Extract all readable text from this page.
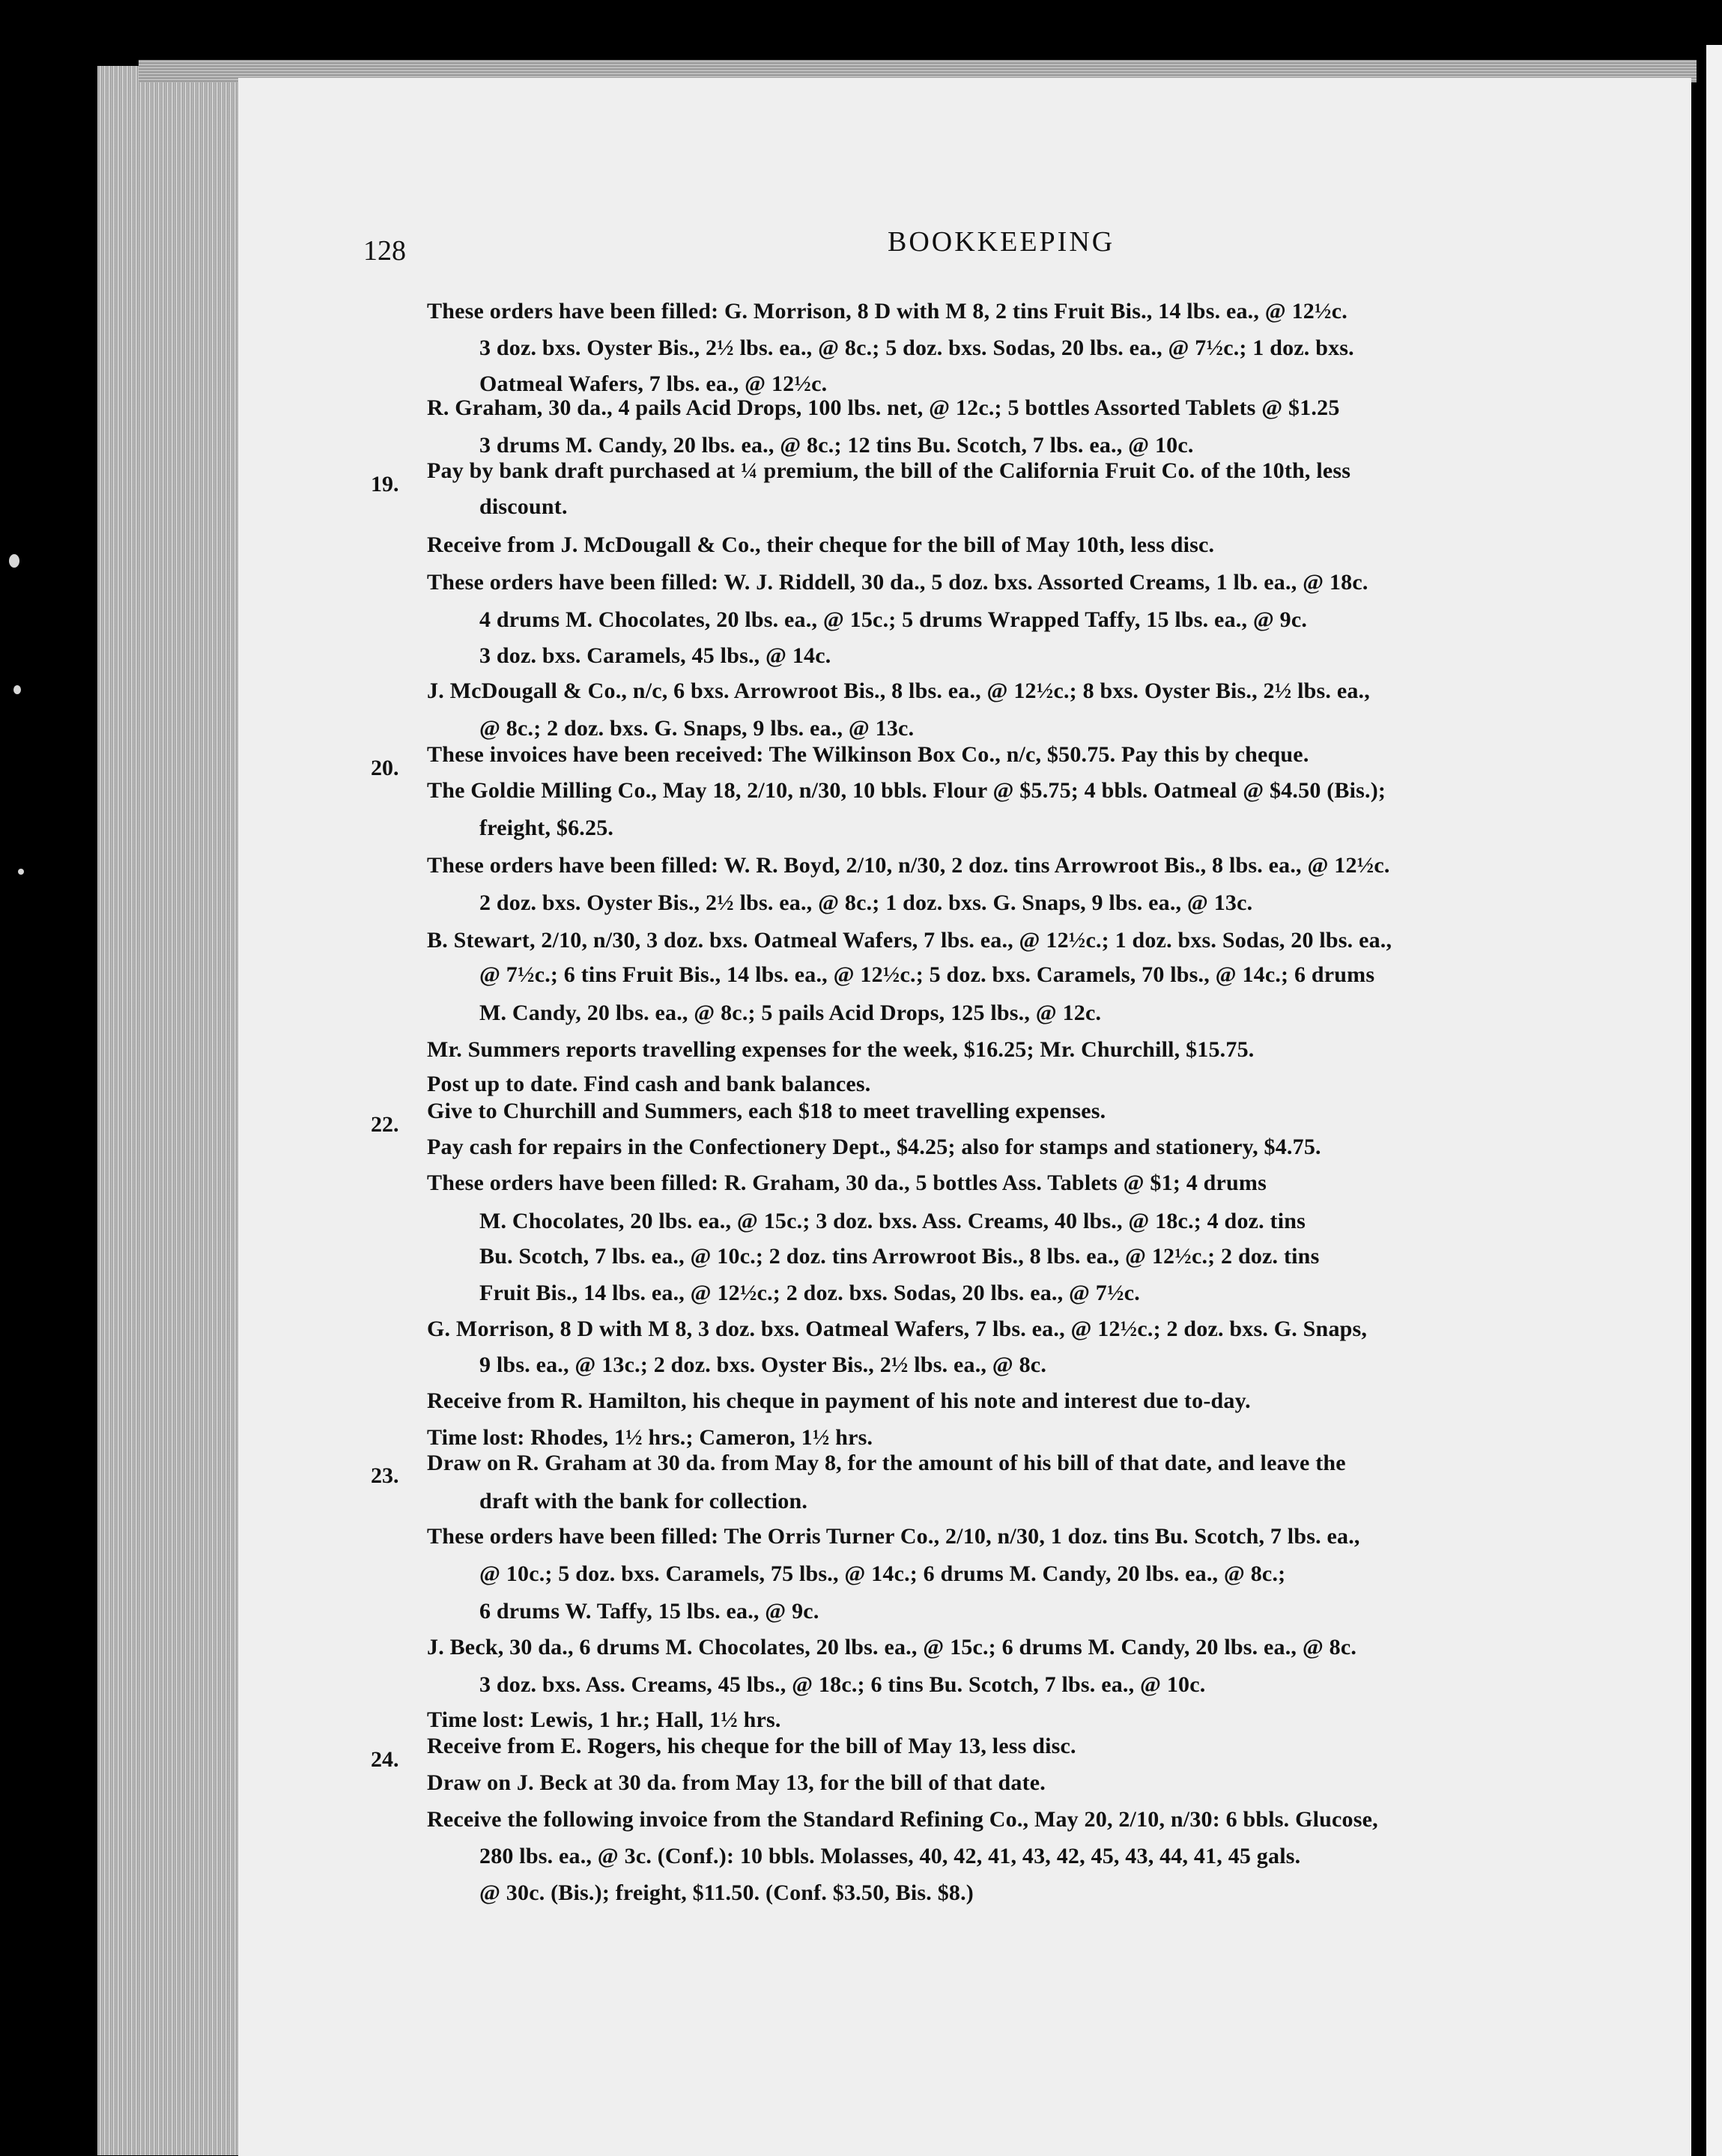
128	BOOKKEEPING
These orders have been filled: G. Morrison, 8 D with M 8, 2 tins Fruit Bis., 14 lbs. ea., @ 12½c.
3 doz. bxs. Oyster Bis., 2½ lbs. ea., @ 8c.; 5 doz. bxs. Sodas, 20 lbs. ea., @ 7½c.; 1 doz. bxs.
Oatmeal Wafers, 7 lbs. ea., @ 12½c.
R. Graham, 30 da., 4 pails Acid Drops, 100 lbs. net, @ 12c.; 5 bottles Assorted Tablets @ $1.25
3 drums M. Candy, 20 lbs. ea., @ 8c.; 12 tins Bu. Scotch, 7 lbs. ea., @ 10c.
19.
Pay by bank draft purchased at ¼ premium, the bill of the California Fruit Co. of the 10th, less
discount.
Receive from J. McDougall & Co., their cheque for the bill of May 10th, less disc.
These orders have been filled: W. J. Riddell, 30 da., 5 doz. bxs. Assorted Creams, 1 lb. ea., @ 18c.
4 drums M. Chocolates, 20 lbs. ea., @ 15c.; 5 drums Wrapped Taffy, 15 lbs. ea., @ 9c.
3 doz. bxs. Caramels, 45 lbs., @ 14c.
J. McDougall & Co., n/c, 6 bxs. Arrowroot Bis., 8 lbs. ea., @ 12½c.; 8 bxs. Oyster Bis., 2½ lbs. ea.,
@ 8c.; 2 doz. bxs. G. Snaps, 9 lbs. ea., @ 13c.
20.
These invoices have been received: The Wilkinson Box Co., n/c, $50.75. Pay this by cheque.
The Goldie Milling Co., May 18, 2/10, n/30, 10 bbls. Flour @ $5.75; 4 bbls. Oatmeal @ $4.50 (Bis.);
freight, $6.25.
These orders have been filled: W. R. Boyd, 2/10, n/30, 2 doz. tins Arrowroot Bis., 8 lbs. ea., @ 12½c.
2 doz. bxs. Oyster Bis., 2½ lbs. ea., @ 8c.; 1 doz. bxs. G. Snaps, 9 lbs. ea., @ 13c.
B. Stewart, 2/10, n/30, 3 doz. bxs. Oatmeal Wafers, 7 lbs. ea., @ 12½c.; 1 doz. bxs. Sodas, 20 lbs. ea.,
@ 7½c.; 6 tins Fruit Bis., 14 lbs. ea., @ 12½c.; 5 doz. bxs. Caramels, 70 lbs., @ 14c.; 6 drums
M. Candy, 20 lbs. ea., @ 8c.; 5 pails Acid Drops, 125 lbs., @ 12c.
Mr. Summers reports travelling expenses for the week, $16.25; Mr. Churchill, $15.75.
Post up to date. Find cash and bank balances.
22.
Give to Churchill and Summers, each $18 to meet travelling expenses.
Pay cash for repairs in the Confectionery Dept., $4.25; also for stamps and stationery, $4.75.
These orders have been filled: R. Graham, 30 da., 5 bottles Ass. Tablets @ $1; 4 drums
M. Chocolates, 20 lbs. ea., @ 15c.; 3 doz. bxs. Ass. Creams, 40 lbs., @ 18c.; 4 doz. tins
Bu. Scotch, 7 lbs. ea., @ 10c.; 2 doz. tins Arrowroot Bis., 8 lbs. ea., @ 12½c.; 2 doz. tins
Fruit Bis., 14 lbs. ea., @ 12½c.; 2 doz. bxs. Sodas, 20 lbs. ea., @ 7½c.
G. Morrison, 8 D with M 8, 3 doz. bxs. Oatmeal Wafers, 7 lbs. ea., @ 12½c.; 2 doz. bxs. G. Snaps,
9 lbs. ea., @ 13c.; 2 doz. bxs. Oyster Bis., 2½ lbs. ea., @ 8c.
Receive from R. Hamilton, his cheque in payment of his note and interest due to-day.
Time lost: Rhodes, 1½ hrs.; Cameron, 1½ hrs.
23.
Draw on R. Graham at 30 da. from May 8, for the amount of his bill of that date, and leave the
draft with the bank for collection.
These orders have been filled: The Orris Turner Co., 2/10, n/30, 1 doz. tins Bu. Scotch, 7 lbs. ea.,
@ 10c.; 5 doz. bxs. Caramels, 75 lbs., @ 14c.; 6 drums M. Candy, 20 lbs. ea., @ 8c.;
6 drums W. Taffy, 15 lbs. ea., @ 9c.
J. Beck, 30 da., 6 drums M. Chocolates, 20 lbs. ea., @ 15c.; 6 drums M. Candy, 20 lbs. ea., @ 8c.
3 doz. bxs. Ass. Creams, 45 lbs., @ 18c.; 6 tins Bu. Scotch, 7 lbs. ea., @ 10c.
Time lost: Lewis, 1 hr.; Hall, 1½ hrs.
24.
Receive from E. Rogers, his cheque for the bill of May 13, less disc.
Draw on J. Beck at 30 da. from May 13, for the bill of that date.
Receive the following invoice from the Standard Refining Co., May 20, 2/10, n/30: 6 bbls. Glucose,
280 lbs. ea., @ 3c. (Conf.): 10 bbls. Molasses, 40, 42, 41, 43, 42, 45, 43, 44, 41, 45 gals.
@ 30c. (Bis.); freight, $11.50. (Conf. $3.50, Bis. $8.)
